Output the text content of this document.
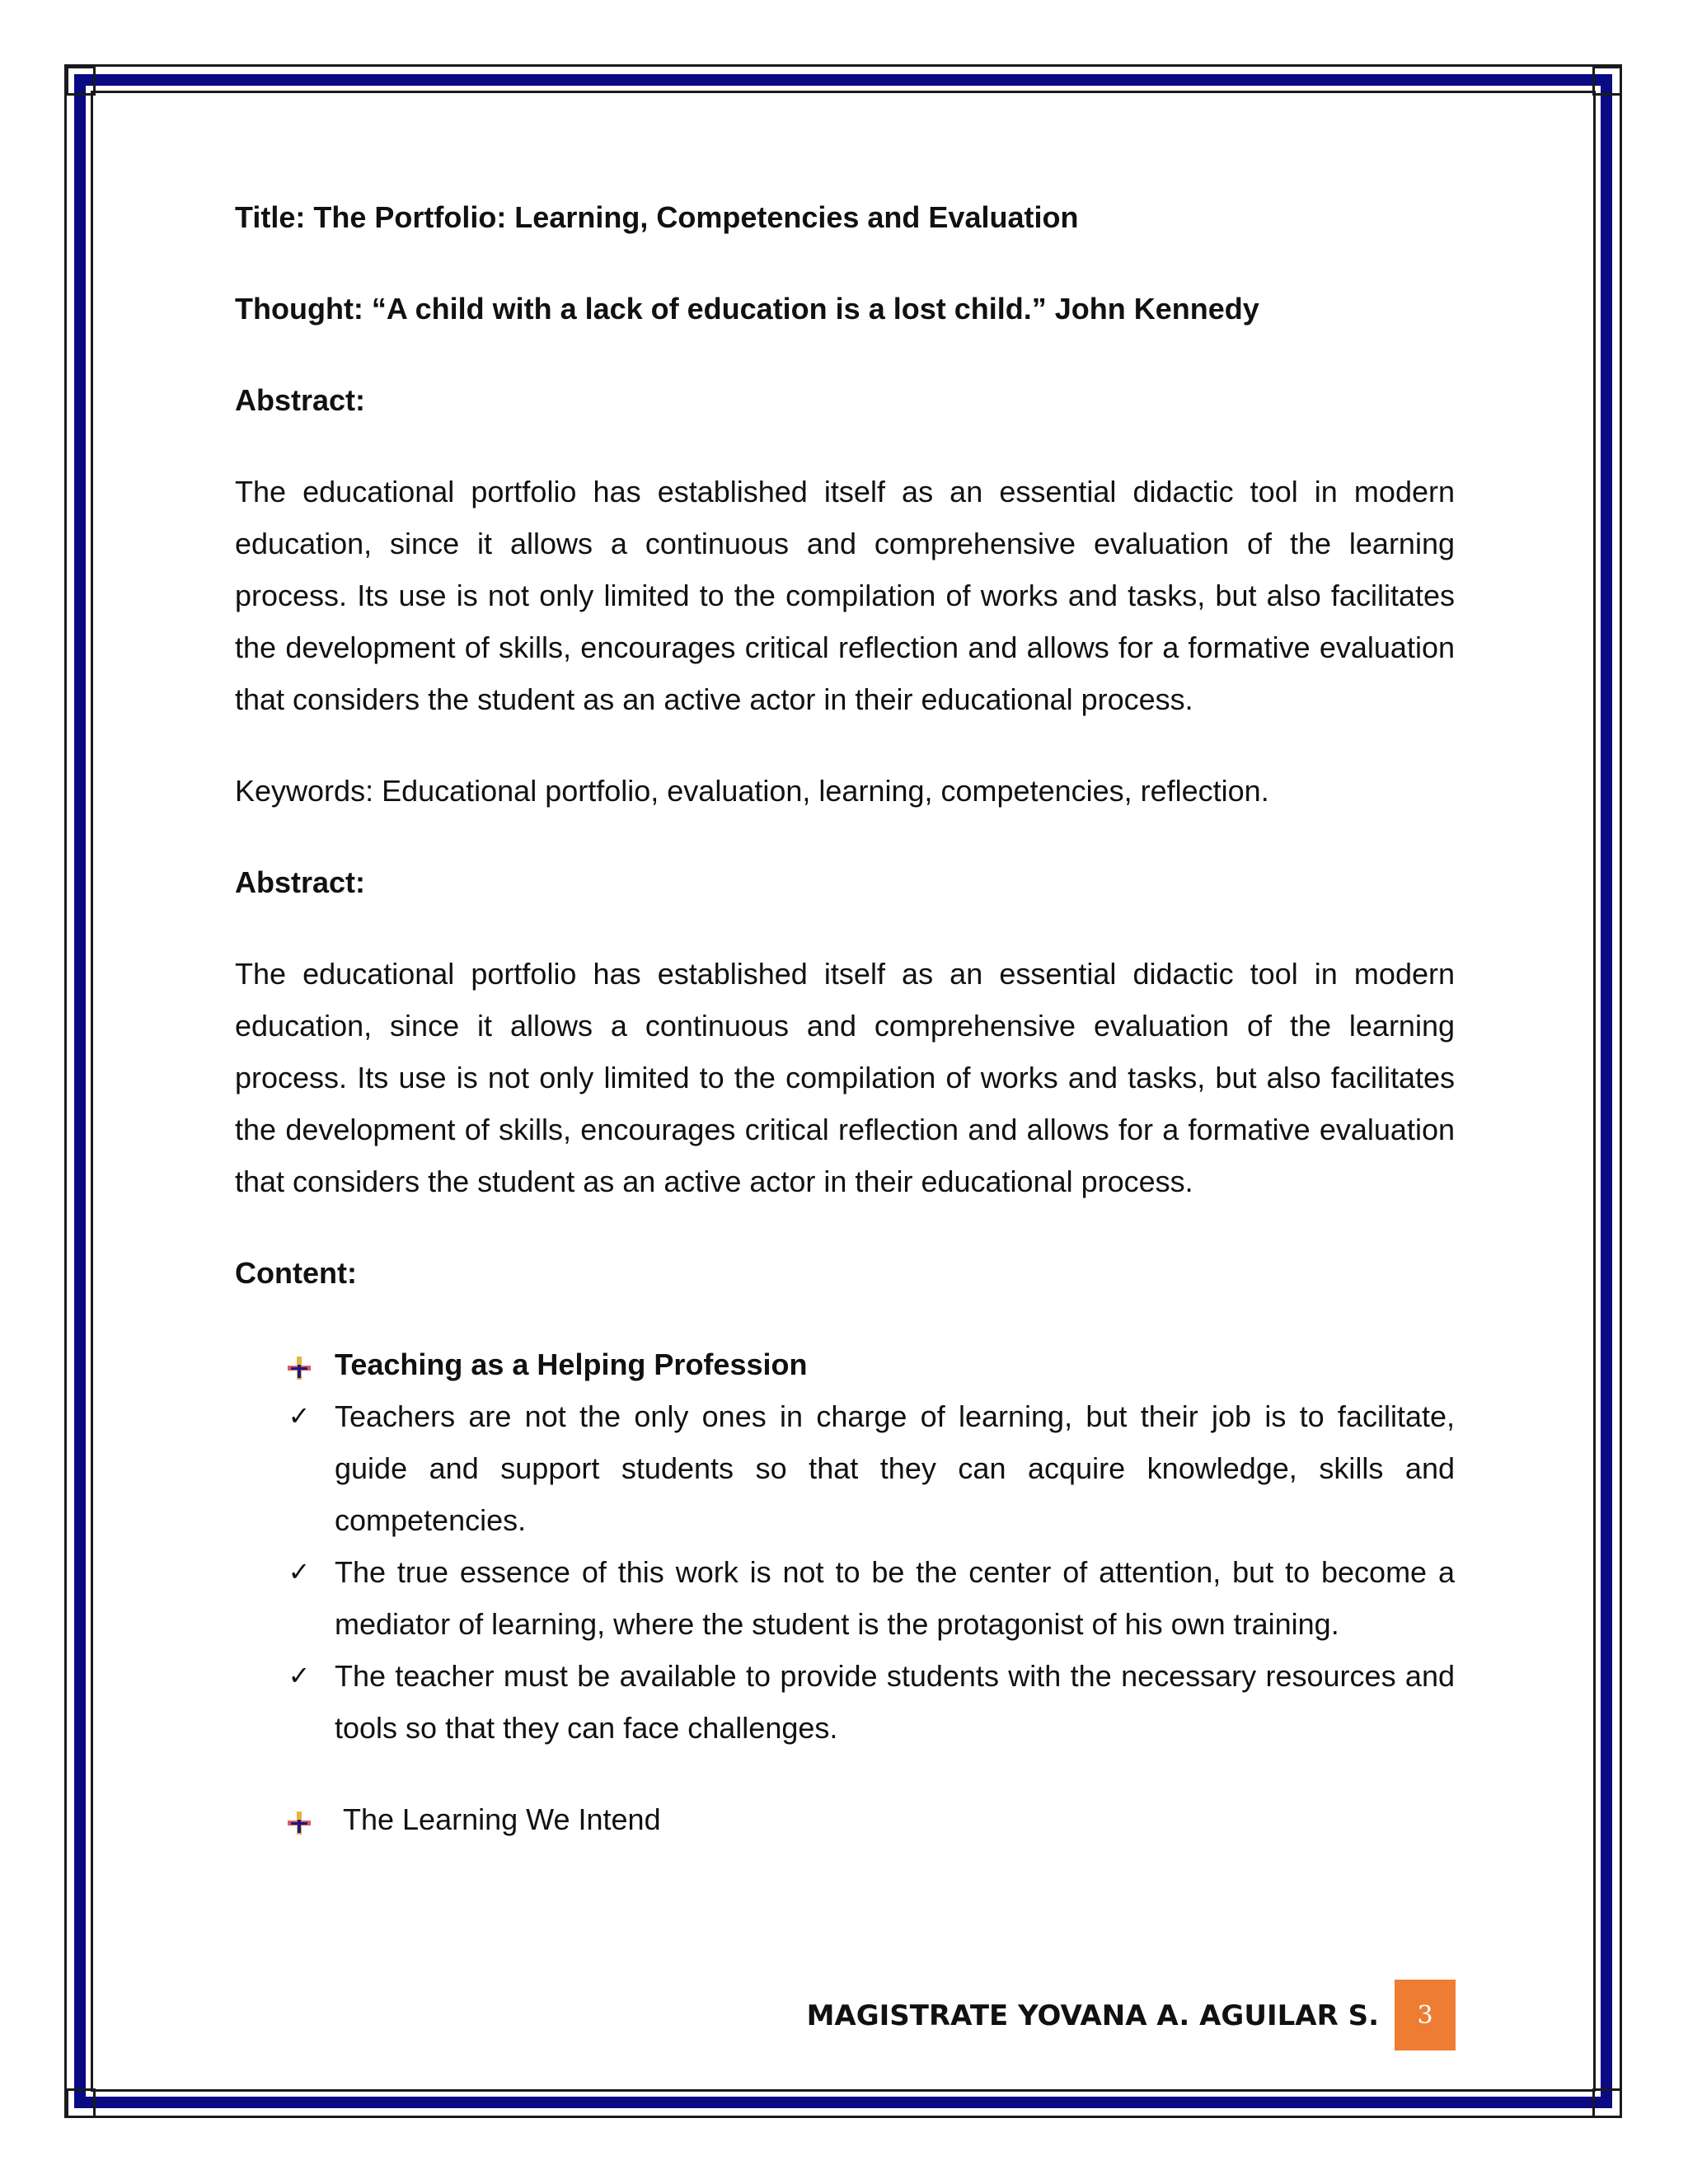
Title: The Portfolio: Learning, Competencies and Evaluation

Thought: “A child with a lack of education is a lost child.” John Kennedy

Abstract:

The educational portfolio has established itself as an essential didactic tool in modern education, since it allows a continuous and comprehensive evaluation of the learning process. Its use is not only limited to the compilation of works and tasks, but also facilitates the development of skills, encourages critical reflection and allows for a formative evaluation that considers the student as an active actor in their educational process.

Keywords: Educational portfolio, evaluation, learning, competencies, reflection.

Abstract:

The educational portfolio has established itself as an essential didactic tool in modern education, since it allows a continuous and comprehensive evaluation of the learning process. Its use is not only limited to the compilation of works and tasks, but also facilitates the development of skills, encourages critical reflection and allows for a formative evaluation that considers the student as an active actor in their educational process.

Content:

Teaching as a Helping Profession
✓ Teachers are not the only ones in charge of learning, but their job is to facilitate, guide and support students so that they can acquire knowledge, skills and competencies.
✓ The true essence of this work is not to be the center of attention, but to become a mediator of learning, where the student is the protagonist of his own training.
✓ The teacher must be available to provide students with the necessary resources and tools so that they can face challenges.
The Learning We Intend
MAGISTRATE YOVANA A. AGUILAR S.	3
